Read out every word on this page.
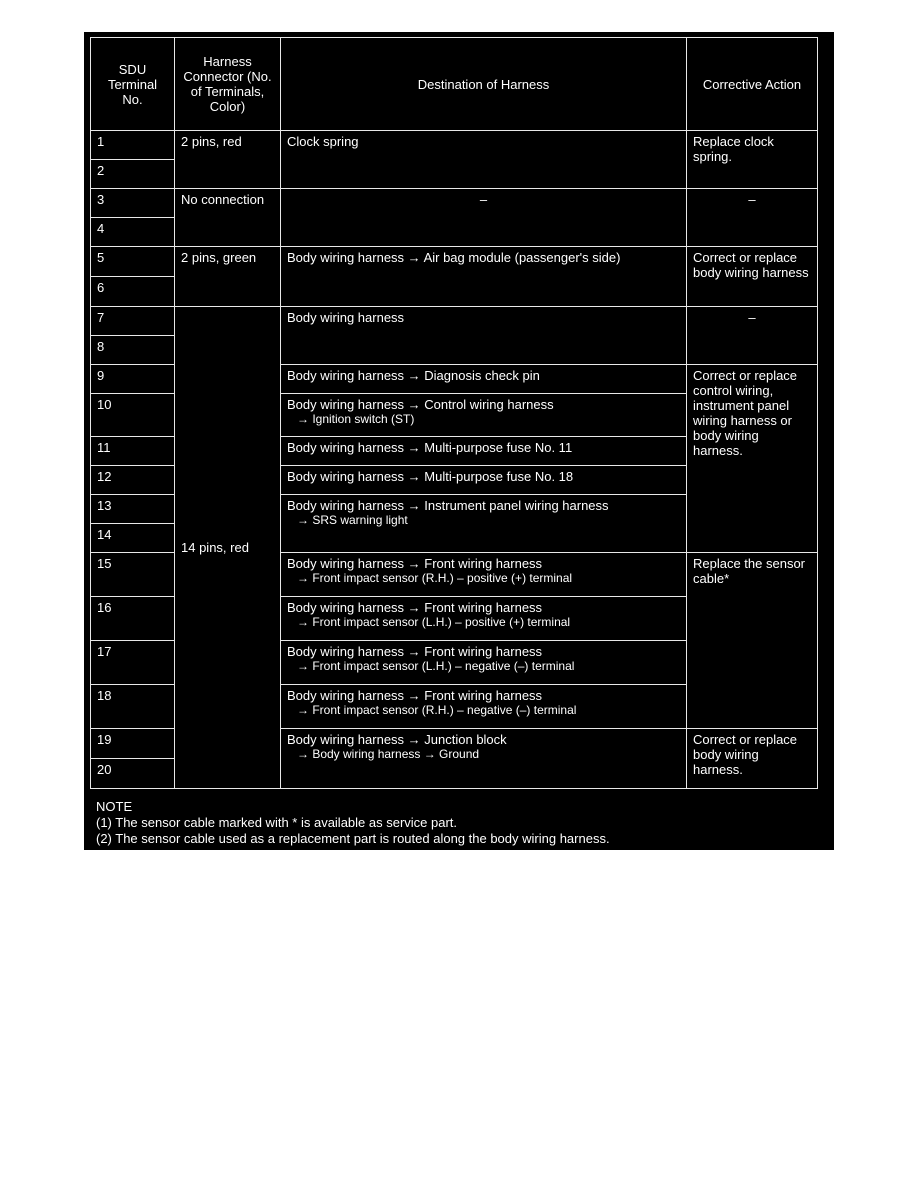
SDU Terminal No.	Harness Connector (No. of Terminals, Color)	Destination of Harness	Corrective Action
1	2 pins, red	Clock spring	Replace clock spring.
2			
3	No connection	–	–
4			
5	2 pins, green	Body wiring harness → Air bag module (passenger's side)	Correct or replace body wiring harness
6			
7	14 pins, red	Body wiring harness	–
8			
9		Body wiring harness → Diagnosis check pin	Correct or replace control wiring, instrument panel wiring harness or body wiring harness.
10		Body wiring harness → Control wiring harness
→ Ignition switch (ST)	

11		Body wiring harness → Multi-purpose fuse No. 11	
12		Body wiring harness → Multi-purpose fuse No. 18	
13		Body wiring harness → Instrument panel wiring harness
→ SRS warning light	

14			
15		Body wiring harness → Front wiring harness
→ Front impact sensor (R.H.) – positive (+) terminal	Replace the sensor cable*
16		Body wiring harness → Front wiring harness
→ Front impact sensor (L.H.) – positive (+) terminal	

17		Body wiring harness → Front wiring harness
→ Front impact sensor (L.H.) – negative (–) terminal	

18		Body wiring harness → Front wiring harness
→ Front impact sensor (R.H.) – negative (–) terminal	

19		Body wiring harness → Junction block
→ Body wiring harness → Ground	Correct or replace body wiring harness.
20			
NOTE
(1) The sensor cable marked with * is available as service part.
(2) The sensor cable used as a replacement part is routed along the body wiring harness.
